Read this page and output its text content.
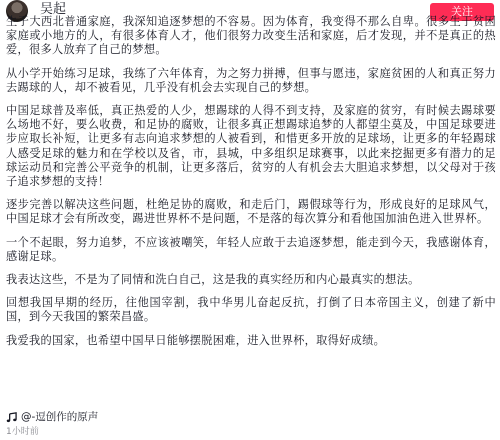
吴起	关注

生于大西北普通家庭，我深知追逐梦想的不容易。因为体育，我变得不那么自卑。很多生于贫困家庭或小地方的人，有很多体育人才，他们很努力改变生活和家庭，后才发现，并不是真正的热爱，很多人放弃了自己的梦想。

从小学开始练习足球，我练了六年体育，为之努力拼搏，但事与愿违，家庭贫困的人和真正努力去踢球的人，却不被看见，几乎没有机会去实现自己的梦想。

中国足球普及率低，真正热爱的人少，想踢球的人得不到支持，及家庭的贫穷，有时候去踢球要么场地不好，要么收费，和足协的腐败，让很多真正想踢球追梦的人都望尘莫及，中国足球要进步应取长补短，让更多有志向追求梦想的人被看到，和惜更多开放的足球场，让更多的年轻踢球人感受足球的魅力和在学校以及省，市，县城，中多组织足球赛事，以此来挖掘更多有潜力的足球运动员和完善公平竞争的机制，让更多落后，贫穷的人有机会去大胆追求梦想，以父母对于孩子追求梦想的支持！

逐步完善以解决这些问题，杜绝足协的腐败，和走后门，踢假球等行为，形成良好的足球风气，中国足球才会有所改变，踢进世界杯不是问题，不是落的每次算分和看他国加油色进入世界杯。

一个不起眼，努力追梦，不应该被嘲笑，年轻人应敢于去追逐梦想，能走到今天，我感谢体育，感谢足球。

我表达这些，不是为了同情和洗白自己，这是我的真实经历和内心最真实的想法。

回想我国早期的经历，往他国宰割，我中华男儿奋起反抗，打倒了日本帝国主义，创建了新中国，到今天我国的繁荣昌盛。

我爱我的国家，也希望中国早日能够摆脱困难，进入世界杯，取得好成绩。

@-逗创作的原声
1小时前
